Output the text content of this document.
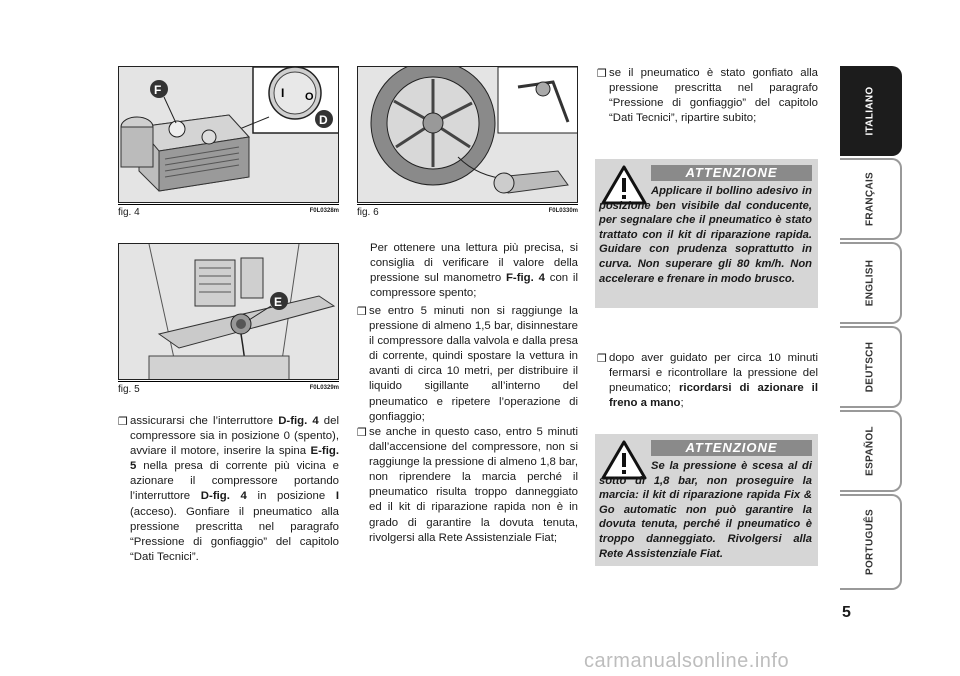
I O
F
D
fig. 4	F0L0328m
E
fig. 5	F0L0329m
fig. 6	F0L0330m
❒ assicurarsi che l’interruttore D-fig. 4 del compressore sia in posizione 0 (spento), avviare il motore, inserire la spina E-fig. 5 nella presa di corrente più vicina e azionare il compressore portando l’interruttore D-fig. 4 in posizione I (acceso). Gonfiare il pneumatico alla pressione prescritta nel paragrafo “Pressione di gonfiaggio” del capitolo “Dati Tecnici”.
Per ottenere una lettura più precisa, si consiglia di verificare il valore della pressione sul manometro F-fig. 4 con il compressore spento;
❒ se entro 5 minuti non si raggiunge la pressione di almeno 1,5 bar, disinnestare il compressore dalla valvola e dalla presa di corrente, quindi spostare la vettura in avanti di circa 10 metri, per distribuire il liquido sigillante all’interno del pneumatico e ripetere l’operazione di gonfiaggio;
❒ se anche in questo caso, entro 5 minuti dall’accensione del compressore, non si raggiunge la pressione di almeno 1,8 bar, non riprendere la marcia perché il pneumatico risulta troppo danneggiato ed il kit di riparazione rapida non è in grado di garantire la dovuta tenuta, rivolgersi alla Rete Assistenziale Fiat;
❒ se il pneumatico è stato gonfiato alla pressione prescritta nel paragrafo “Pressione di gonfiaggio” del capitolo “Dati Tecnici”, ripartire subito;
ATTENZIONE
Applicare il bollino adesivo in posizione ben visibile dal conducente, per segnalare che il pneumatico è stato trattato con il kit di riparazione rapida. Guidare con prudenza soprattutto in curva. Non superare gli 80 km/h. Non accelerare e frenare in modo brusco.
❒ dopo aver guidato per circa 10 minuti fermarsi e ricontrollare la pressione del pneumatico; ricordarsi di azionare il freno a mano;
ATTENZIONE
Se la pressione è scesa al di sotto di 1,8 bar, non proseguire la marcia: il kit di riparazione rapida Fix & Go automatic non può garantire la dovuta tenuta, perché il pneumatico è troppo danneggiato. Rivolgersi alla Rete Assistenziale Fiat.
ITALIANO
FRANÇAIS
ENGLISH
DEUTSCH
ESPAÑOL
PORTUGUÊS
5
carmanualsonline.info
